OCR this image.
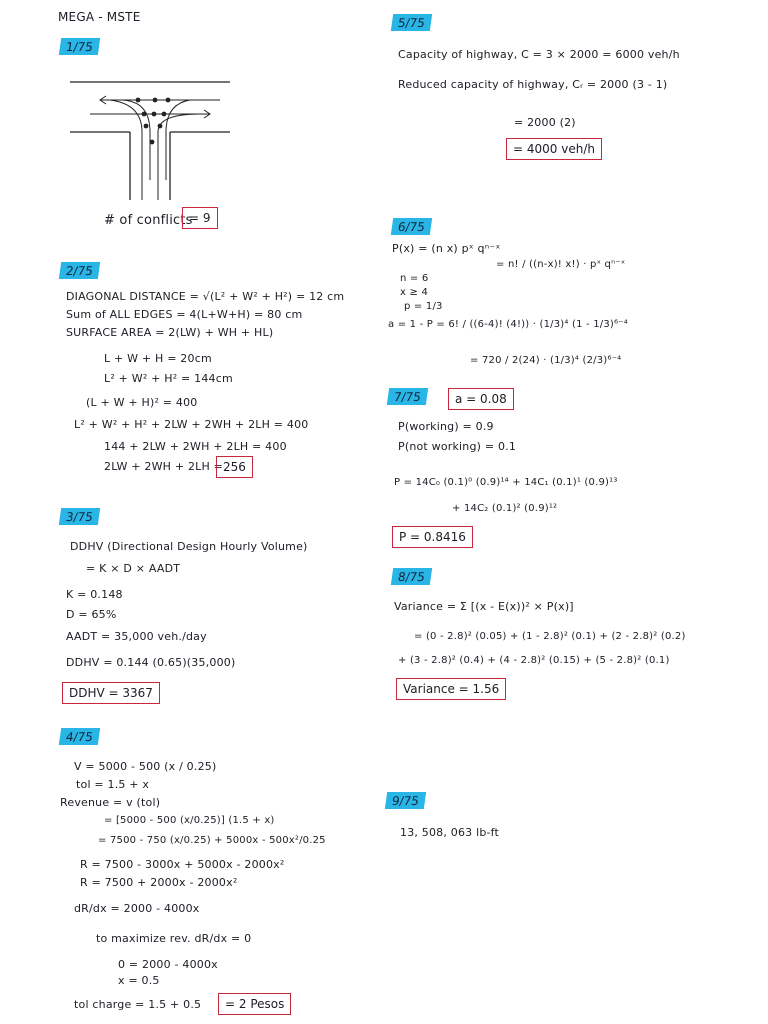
MEGA - MSTE
1/75
# of conflicts
= 9
2/75
DIAGONAL DISTANCE = √(L² + W² + H²) = 12 cm
Sum of ALL EDGES = 4(L+W+H) = 80 cm
SURFACE AREA = 2(LW) + WH + HL)
L + W + H = 20cm
L² + W² + H² = 144cm
(L + W + H)² = 400
L² + W² + H² + 2LW + 2WH + 2LH = 400
144 + 2LW + 2WH + 2LH = 400
2LW + 2WH + 2LH = 256
3/75
DDHV (Directional Design Hourly Volume)
= K × D × AADT
K = 0.148
D = 65%
AADT = 35,000 veh./day
DDHV = 0.144 (0.65)(35,000)
DDHV = 3367
4/75
V = 5000 - 500 (x / 0.25)
tol = 1.5 + x
Revenue = v (tol)
= [5000 - 500 (x/0.25)] (1.5 + x)
= 7500 - 750 (x/0.25) + 5000x - 500x²/0.25
R = 7500 - 3000x + 5000x - 2000x²
R = 7500 + 2000x - 2000x²
dR/dx = 2000 - 4000x
to maximize rev. dR/dx = 0
0 = 2000 - 4000x
x = 0.5
tol charge = 1.5 + 0.5	= 2 Pesos
5/75
Capacity of highway, C = 3 × 2000 = 6000 veh/h
Reduced capacity of highway, Cᵣ = 2000 (3 - 1)
= 2000 (2)
= 4000 veh/h
6/75
P(x) = (n x) pˣ qⁿ⁻ˣ
= n! / ((n-x)! x!) · pˣ qⁿ⁻ˣ
n = 6
x ≥ 4
p = 1/3
a = 1 - P = 6! / ((6-4)! (4!)) · (1/3)⁴ (1 - 1/3)⁶⁻⁴
= 720 / 2(24) · (1/3)⁴ (2/3)⁶⁻⁴
a = 0.08
7/75
P(working) = 0.9
P(not working) = 0.1
P = 14C₀ (0.1)⁰ (0.9)¹⁴ + 14C₁ (0.1)¹ (0.9)¹³
+ 14C₂ (0.1)² (0.9)¹²
P = 0.8416
8/75
Variance = Σ [(x - E(x))² × P(x)]
= (0 - 2.8)² (0.05) + (1 - 2.8)² (0.1) + (2 - 2.8)² (0.2)
+ (3 - 2.8)² (0.4) + (4 - 2.8)² (0.15) + (5 - 2.8)² (0.1)
Variance = 1.56
9/75
13, 508, 063 lb-ft
